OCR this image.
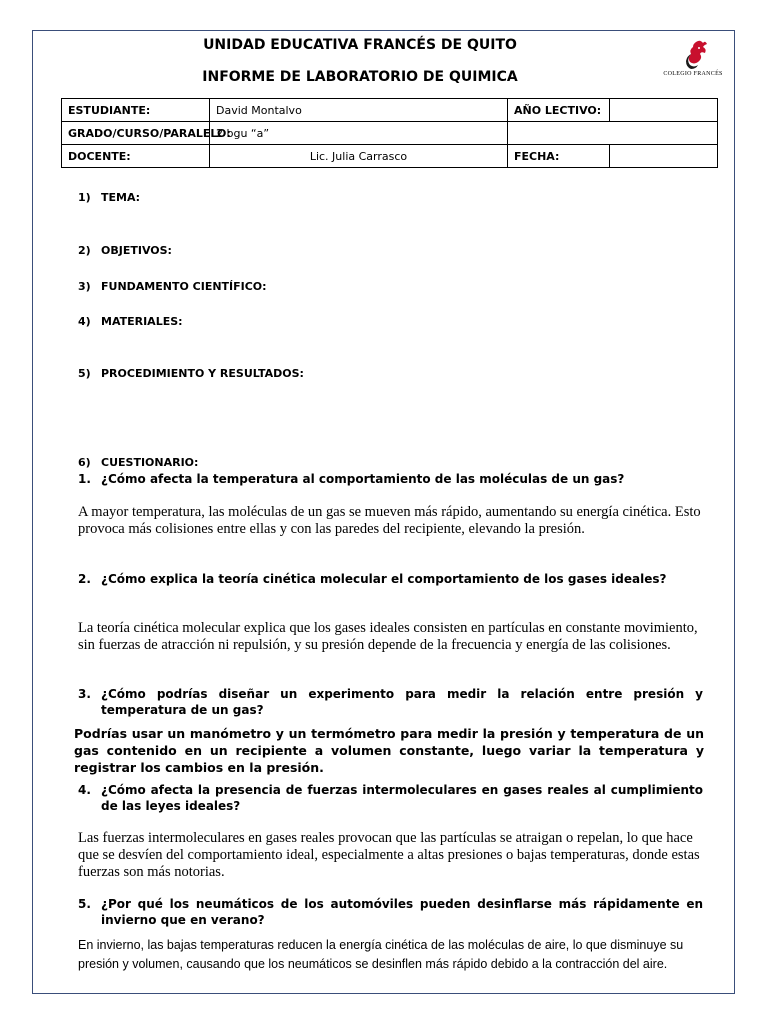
UNIDAD EDUCATIVA FRANCÉS DE QUITO
INFORME DE LABORATORIO DE QUIMICA	COLEGIO FRANCÉS
ESTUDIANTE:	David Montalvo	AÑO LECTIVO:	
GRADO/CURSO/PARALELO:	2 bgu “a”		
DOCENTE:	Lic. Julia Carrasco	FECHA:	
1) TEMA:
2) OBJETIVOS:
3) FUNDAMENTO CIENTÍFICO:
4) MATERIALES:
5) PROCEDIMIENTO Y RESULTADOS:
6) CUESTIONARIO:
1. ¿Cómo afecta la temperatura al comportamiento de las moléculas de un gas?
A mayor temperatura, las moléculas de un gas se mueven más rápido, aumentando su energía cinética. Esto provoca más colisiones entre ellas y con las paredes del recipiente, elevando la presión.
2. ¿Cómo explica la teoría cinética molecular el comportamiento de los gases ideales?
La teoría cinética molecular explica que los gases ideales consisten en partículas en constante movimiento, sin fuerzas de atracción ni repulsión, y su presión depende de la frecuencia y energía de las colisiones.
3. ¿Cómo podrías diseñar un experimento para medir la relación entre presión y temperatura de un gas?
Podrías usar un manómetro y un termómetro para medir la presión y temperatura de un gas contenido en un recipiente a volumen constante, luego variar la temperatura y registrar los cambios en la presión.
4. ¿Cómo afecta la presencia de fuerzas intermoleculares en gases reales al cumplimiento de las leyes ideales?
Las fuerzas intermoleculares en gases reales provocan que las partículas se atraigan o repelan, lo que hace que se desvíen del comportamiento ideal, especialmente a altas presiones o bajas temperaturas, donde estas fuerzas son más notorias.
5. ¿Por qué los neumáticos de los automóviles pueden desinflarse más rápidamente en invierno que en verano?
En invierno, las bajas temperaturas reducen la energía cinética de las moléculas de aire, lo que disminuye su presión y volumen, causando que los neumáticos se desinflen más rápido debido a la contracción del aire.
